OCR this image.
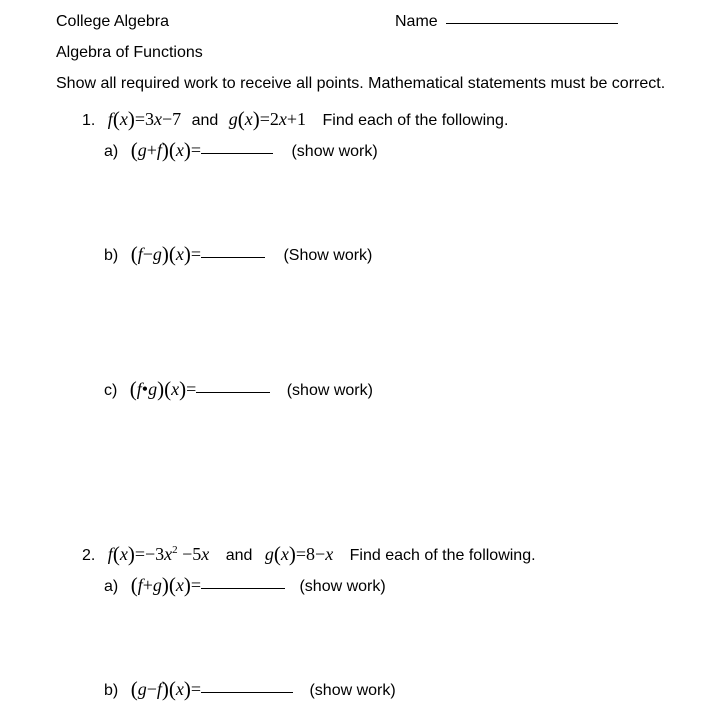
College Algebra	Name
Algebra of Functions
Show all required work to receive all points. Mathematical statements must be correct.
1. f(x)=3x−7 and g(x)=2x+1 Find each of the following.
a) (g+f)(x)=	(show work)
b) (f−g)(x)=	(Show work)
c) (f•g)(x)=	(show work)
2. $f(x)=-3x^2 -5x$ and g(x)=8−x Find each of the following.
a) (f+g)(x)=	(show work)
b) (g−f)(x)=	(show work)
